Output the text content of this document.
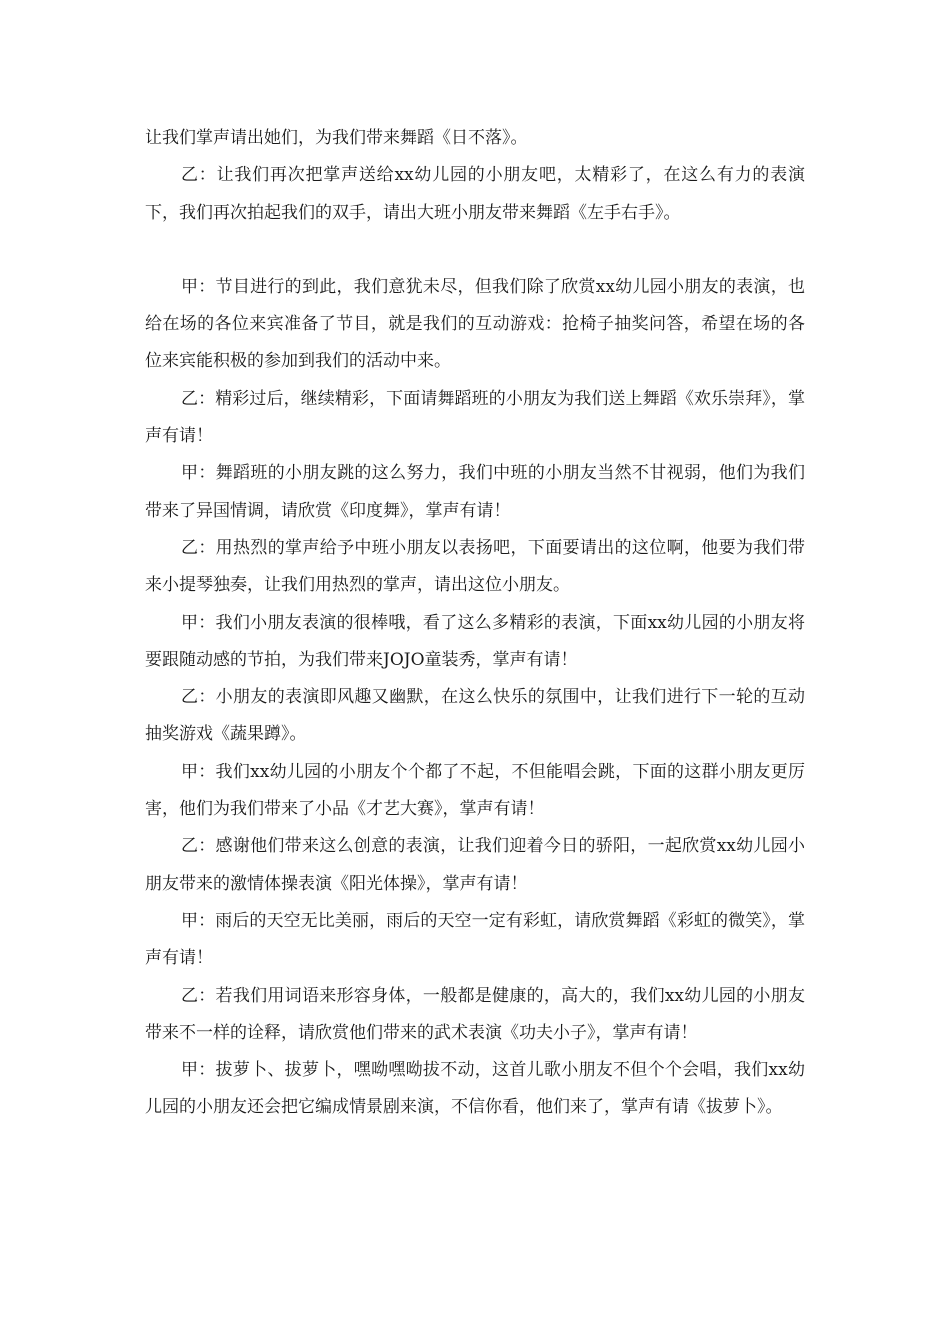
让我们掌声请出她们，为我们带来舞蹈《日不落》。

乙：让我们再次把掌声送给xx幼儿园的小朋友吧，太精彩了，在这么有力的表演下，我们再次拍起我们的双手，请出大班小朋友带来舞蹈《左手右手》。

甲：节目进行的到此，我们意犹未尽，但我们除了欣赏xx幼儿园小朋友的表演，也给在场的各位来宾准备了节目，就是我们的互动游戏：抢椅子抽奖问答，希望在场的各位来宾能积极的参加到我们的活动中来。

乙：精彩过后，继续精彩，下面请舞蹈班的小朋友为我们送上舞蹈《欢乐崇拜》，掌声有请！

甲：舞蹈班的小朋友跳的这么努力，我们中班的小朋友当然不甘视弱，他们为我们带来了异国情调，请欣赏《印度舞》，掌声有请！

乙：用热烈的掌声给予中班小朋友以表扬吧，下面要请出的这位啊，他要为我们带来小提琴独奏，让我们用热烈的掌声，请出这位小朋友。

甲：我们小朋友表演的很棒哦，看了这么多精彩的表演，下面xx幼儿园的小朋友将要跟随动感的节拍，为我们带来JOJO童装秀，掌声有请！

乙：小朋友的表演即风趣又幽默，在这么快乐的氛围中，让我们进行下一轮的互动抽奖游戏《蔬果蹲》。

甲：我们xx幼儿园的小朋友个个都了不起，不但能唱会跳，下面的这群小朋友更厉害，他们为我们带来了小品《才艺大赛》，掌声有请！

乙：感谢他们带来这么创意的表演，让我们迎着今日的骄阳，一起欣赏xx幼儿园小朋友带来的激情体操表演《阳光体操》，掌声有请！

甲：雨后的天空无比美丽，雨后的天空一定有彩虹，请欣赏舞蹈《彩虹的微笑》，掌声有请！

乙：若我们用词语来形容身体，一般都是健康的，高大的，我们xx幼儿园的小朋友带来不一样的诠释，请欣赏他们带来的武术表演《功夫小子》，掌声有请！

甲：拔萝卜、拔萝卜，嘿呦嘿呦拔不动，这首儿歌小朋友不但个个会唱，我们xx幼儿园的小朋友还会把它编成情景剧来演，不信你看，他们来了，掌声有请《拔萝卜》。
